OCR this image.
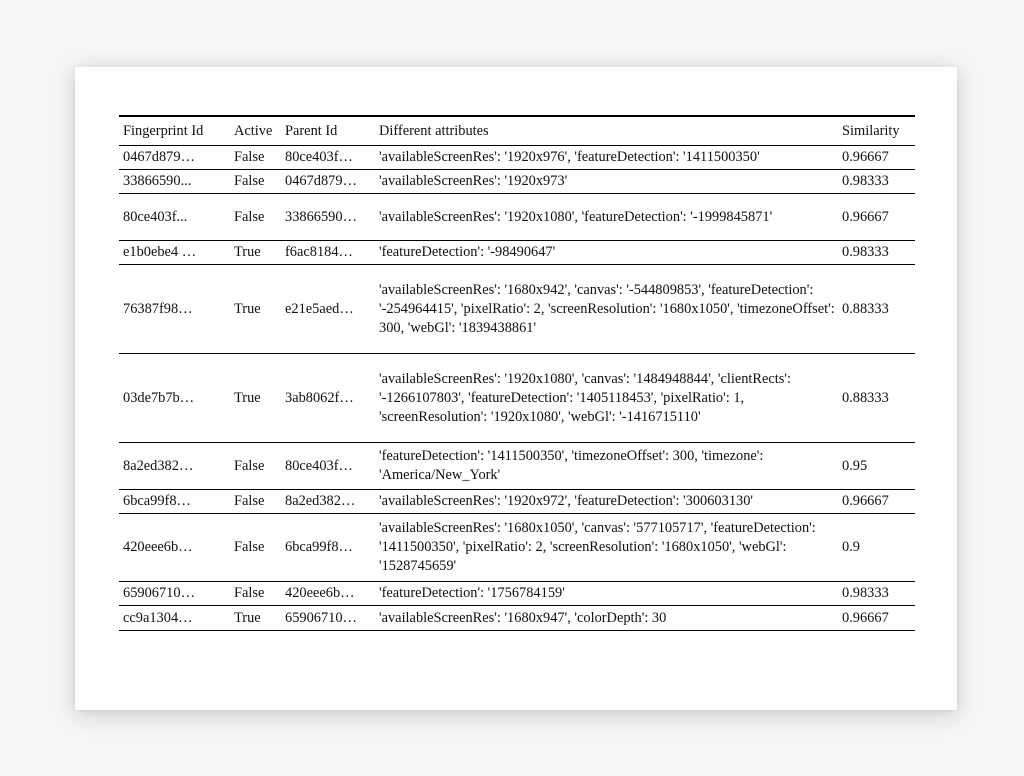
Fingerprint Id	Active	Parent Id	Different attributes	Similarity
0467d879…	False	80ce403f…	'availableScreenRes': '1920x976', 'featureDetection': '1411500350'	0.96667
33866590...	False	0467d879…	'availableScreenRes': '1920x973'	0.98333
80ce403f...	False	33866590…	'availableScreenRes': '1920x1080', 'featureDetection': '-1999845871'	0.96667
e1b0ebe4 …	True	f6ac8184…	'featureDetection': '-98490647'	0.98333
76387f98…	True	e21e5aed…	'availableScreenRes': '1680x942', 'canvas': '-544809853', 'featureDetection': '-254964415', 'pixelRatio': 2, 'screenResolution': '1680x1050', 'timezoneOffset': 300, 'webGl': '1839438861'	0.88333
03de7b7b…	True	3ab8062f…	'availableScreenRes': '1920x1080', 'canvas': '1484948844', 'clientRects': '-1266107803', 'featureDetection': '1405118453', 'pixelRatio': 1, 'screenResolution': '1920x1080', 'webGl': '-1416715110'	0.88333
8a2ed382…	False	80ce403f…	'featureDetection': '1411500350', 'timezoneOffset': 300, 'timezone': 'America/New_York'	0.95
6bca99f8…	False	8a2ed382…	'availableScreenRes': '1920x972', 'featureDetection': '300603130'	0.96667
420eee6b…	False	6bca99f8…	'availableScreenRes': '1680x1050', 'canvas': '577105717', 'featureDetection': '1411500350', 'pixelRatio': 2, 'screenResolution': '1680x1050', 'webGl': '1528745659'	0.9
65906710…	False	420eee6b…	'featureDetection': '1756784159'	0.98333
cc9a1304…	True	65906710…	'availableScreenRes': '1680x947', 'colorDepth': 30	0.96667
